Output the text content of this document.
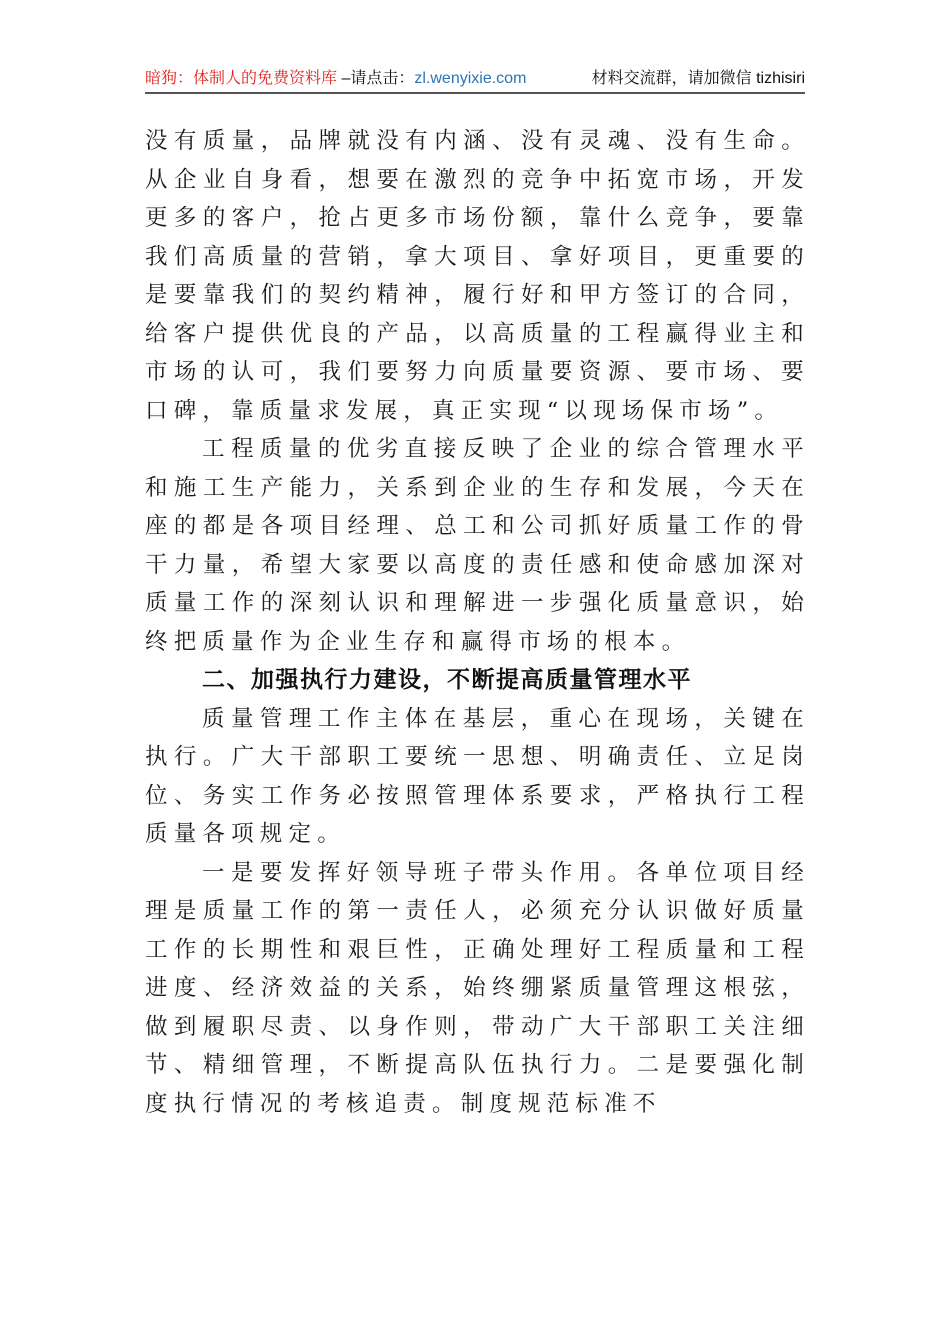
暗狗：体制人的免费资料库 –请点击：zl.wenyixie.com	材料交流群，请加微信 tizhisiri

没有质量，品牌就没有内涵、没有灵魂、没有生命。从企业自身看，想要在激烈的竞争中拓宽市场，开发更多的客户，抢占更多市场份额，靠什么竞争，要靠我们高质量的营销，拿大项目、拿好项目，更重要的是要靠我们的契约精神，履行好和甲方签订的合同，给客户提供优良的产品，以高质量的工程赢得业主和市场的认可，我们要努力向质量要资源、要市场、要口碑，靠质量求发展，真正实现“以现场保市场”。

工程质量的优劣直接反映了企业的综合管理水平和施工生产能力，关系到企业的生存和发展，今天在座的都是各项目经理、总工和公司抓好质量工作的骨干力量，希望大家要以高度的责任感和使命感加深对质量工作的深刻认识和理解进一步强化质量意识，始终把质量作为企业生存和赢得市场的根本。

二、加强执行力建设，不断提高质量管理水平

质量管理工作主体在基层，重心在现场，关键在执行。广大干部职工要统一思想、明确责任、立足岗位、务实工作务必按照管理体系要求，严格执行工程质量各项规定。

一是要发挥好领导班子带头作用。各单位项目经理是质量工作的第一责任人，必须充分认识做好质量工作的长期性和艰巨性，正确处理好工程质量和工程进度、经济效益的关系，始终绷紧质量管理这根弦，做到履职尽责、以身作则，带动广大干部职工关注细节、精细管理，不断提高队伍执行力。二是要强化制度执行情况的考核追责。制度规范标准不
